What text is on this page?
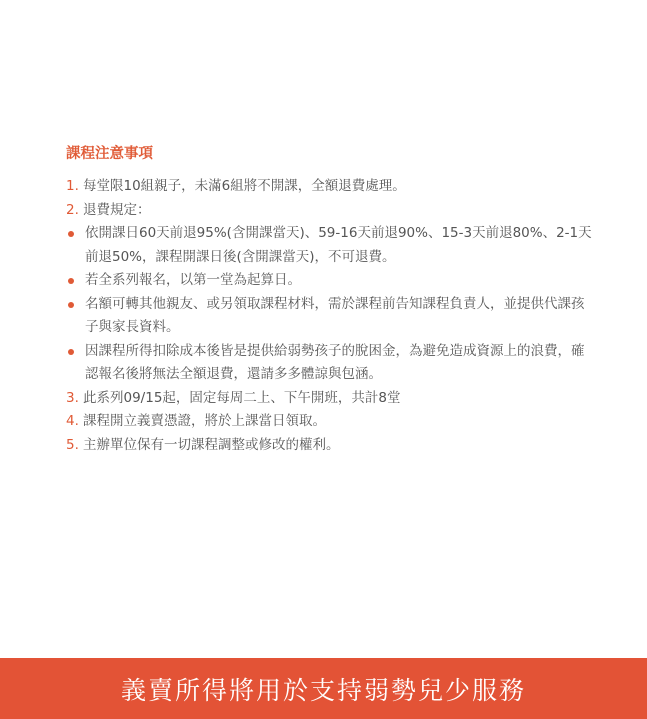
課程注意事項
1. 每堂限10組親子，未滿6組將不開課，全額退費處理。
2. 退費規定：
依開課日60天前退95%(含開課當天)、59-16天前退90%、15-3天前退80%、2-1天前退50%，課程開課日後(含開課當天)，不可退費。
若全系列報名，以第一堂為起算日。
名額可轉其他親友、或另領取課程材料，需於課程前告知課程負責人，並提供代課孩子與家長資料。
因課程所得扣除成本後皆是提供給弱勢孩子的脫困金，為避免造成資源上的浪費，確認報名後將無法全額退費，還請多多體諒與包涵。
3. 此系列09/15起，固定每周二上、下午開班，共計8堂
4. 課程開立義賣憑證，將於上課當日領取。
5. 主辦單位保有一切課程調整或修改的權利。
義賣所得將用於支持弱勢兒少服務
